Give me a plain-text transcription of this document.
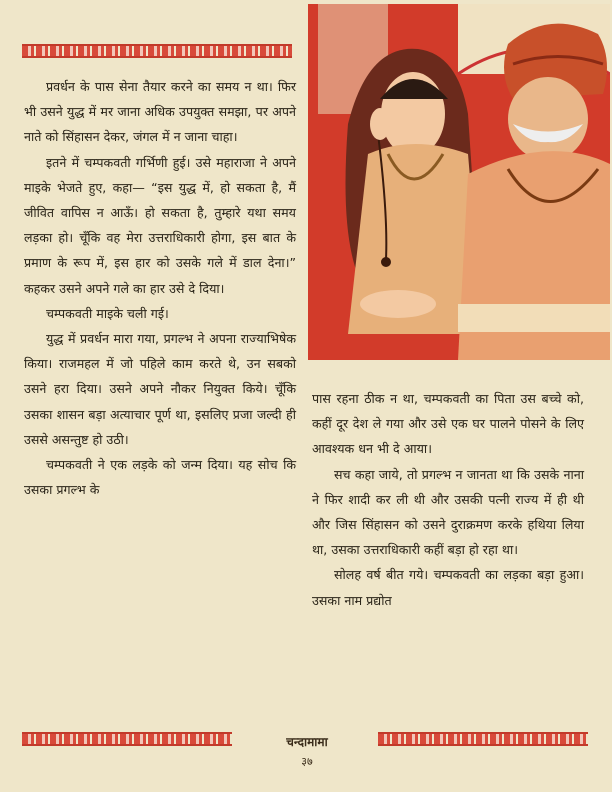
प्रवर्धन के पास सेना तैयार करने का समय न था। फिर भी उसने युद्ध में मर जाना अधिक उपयुक्त समझा, पर अपने नाते को सिंहासन देकर, जंगल में न जाना चाहा।

इतने में चम्पकवती गर्भिणी हुई। उसे महाराजा ने अपने माइके भेजते हुए, कहा— “इस युद्ध में, हो सकता है, मैं जीवित वापिस न आऊँ। हो सकता है, तुम्हारे यथा समय लड़का हो। चूँकि वह मेरा उत्तराधिकारी होगा, इस बात के प्रमाण के रूप में, इस हार को उसके गले में डाल देना।” कहकर उसने अपने गले का हार उसे दे दिया।

चम्पकवती माइके चली गई।

युद्ध में प्रवर्धन मारा गया, प्रगल्भ ने अपना राज्याभिषेक किया। राजमहल में जो पहिले काम करते थे, उन सबको उसने हरा दिया। उसने अपने नौकर नियुक्त किये। चूँकि उसका शासन बड़ा अत्याचार पूर्ण था, इसलिए प्रजा जल्दी ही उससे असन्तुष्ट हो उठी।

चम्पकवती ने एक लड़के को जन्म दिया। यह सोच कि उसका प्रगल्भ के

पास रहना ठीक न था, चम्पकवती का पिता उस बच्चे को, कहीं दूर देश ले गया और उसे एक घर पालने पोसने के लिए आवश्यक धन भी दे आया।

सच कहा जाये, तो प्रगल्भ न जानता था कि उसके नाना ने फिर शादी कर ली थी और उसकी पत्नी राज्य में ही थी और जिस सिंहासन को उसने दुराक्रमण करके हथिया लिया था, उसका उत्तराधिकारी कहीं बड़ा हो रहा था।

सोलह वर्ष बीत गये। चम्पकवती का लड़का बड़ा हुआ। उसका नाम प्रद्योत

चन्दामामा
३७
